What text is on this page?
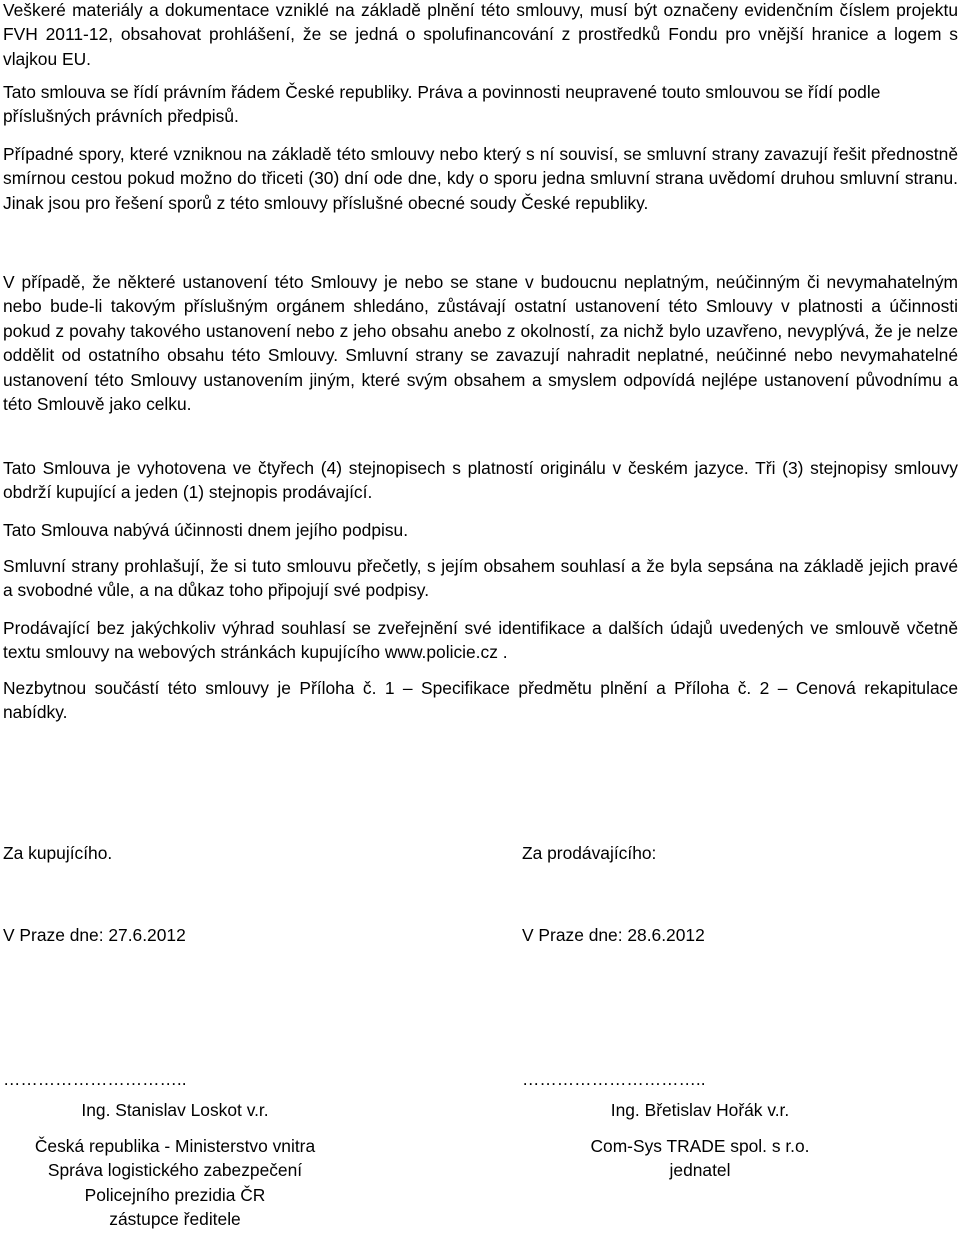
Veškeré materiály a dokumentace vzniklé na základě plnění této smlouvy, musí být označeny evidenčním číslem projektu FVH 2011-12, obsahovat prohlášení, že se jedná o spolufinancování z prostředků Fondu pro vnější hranice a logem s vlajkou EU.

Tato smlouva se řídí právním řádem České republiky. Práva a povinnosti neupravené touto smlouvou se řídí podle příslušných právních předpisů.

Případné spory, které vzniknou na základě této smlouvy nebo který s ní souvisí, se smluvní strany zavazují řešit přednostně smírnou cestou pokud možno do třiceti (30) dní ode dne, kdy o sporu jedna smluvní strana uvědomí druhou smluvní stranu. Jinak jsou pro řešení sporů z této smlouvy příslušné obecné soudy České republiky.

V případě, že některé ustanovení této Smlouvy je nebo se stane v budoucnu neplatným, neúčinným či nevymahatelným nebo bude-li takovým příslušným orgánem shledáno, zůstávají ostatní ustanovení této Smlouvy v platnosti a účinnosti pokud z povahy takového ustanovení nebo z jeho obsahu anebo z okolností, za nichž bylo uzavřeno, nevyplývá, že je nelze oddělit od ostatního obsahu této Smlouvy. Smluvní strany se zavazují nahradit neplatné, neúčinné nebo nevymahatelné ustanovení této Smlouvy ustanovením jiným, které svým obsahem a smyslem odpovídá nejlépe ustanovení původnímu a této Smlouvě jako celku.

Tato Smlouva je vyhotovena ve čtyřech (4) stejnopisech s platností originálu v českém jazyce. Tři (3) stejnopisy smlouvy obdrží kupující a jeden (1) stejnopis prodávající.

Tato Smlouva nabývá účinnosti dnem jejího podpisu.

Smluvní strany prohlašují, že si tuto smlouvu přečetly, s jejím obsahem souhlasí a že byla sepsána na základě jejich pravé a svobodné vůle, a na důkaz toho připojují své podpisy.

Prodávající bez jakýchkoliv výhrad souhlasí se zveřejnění své identifikace a dalších údajů uvedených ve smlouvě včetně textu smlouvy na webových stránkách kupujícího www.policie.cz .

Nezbytnou součástí této smlouvy je Příloha č. 1 – Specifikace předmětu plnění a Příloha č. 2 – Cenová rekapitulace nabídky.

Za kupujícího.	Za prodávajícího:
V Praze dne: 27.6.2012	V Praze dne: 28.6.2012
…………………………..	…………………………..
Ing. Stanislav Loskot v.r.
Česká republika - Ministerstvo vnitra
Správa logistického zabezpečení
Policejního prezidia ČR
zástupce ředitele
Ing. Břetislav Hořák v.r.
Com-Sys TRADE spol. s r.o.
jednatel
